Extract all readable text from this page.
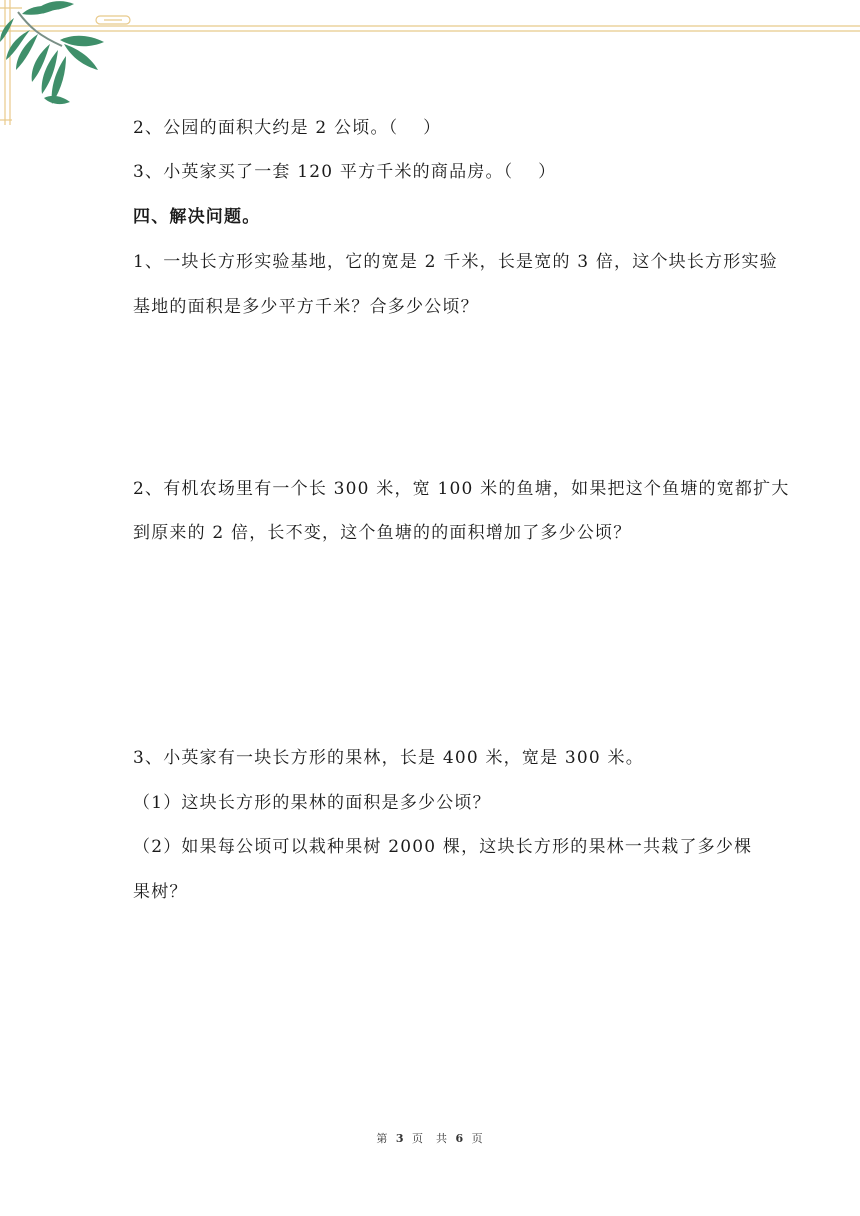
2、公园的面积大约是 2 公顷。（　 ）

3、小英家买了一套 120 平方千米的商品房。（　 ）

四、解决问题。

1、一块长方形实验基地，它的宽是 2 千米，长是宽的 3 倍，这个块长方形实验

基地的面积是多少平方千米？合多少公顷？

2、有机农场里有一个长 300 米，宽 100 米的鱼塘，如果把这个鱼塘的宽都扩大

到原来的 2 倍，长不变，这个鱼塘的的面积增加了多少公顷？

3、小英家有一块长方形的果林，长是 400 米，宽是 300 米。

（1）这块长方形的果林的面积是多少公顷？

（2）如果每公顷可以栽种果树 2000 棵，这块长方形的果林一共栽了多少棵

果树？

第 3 页　共 6 页
